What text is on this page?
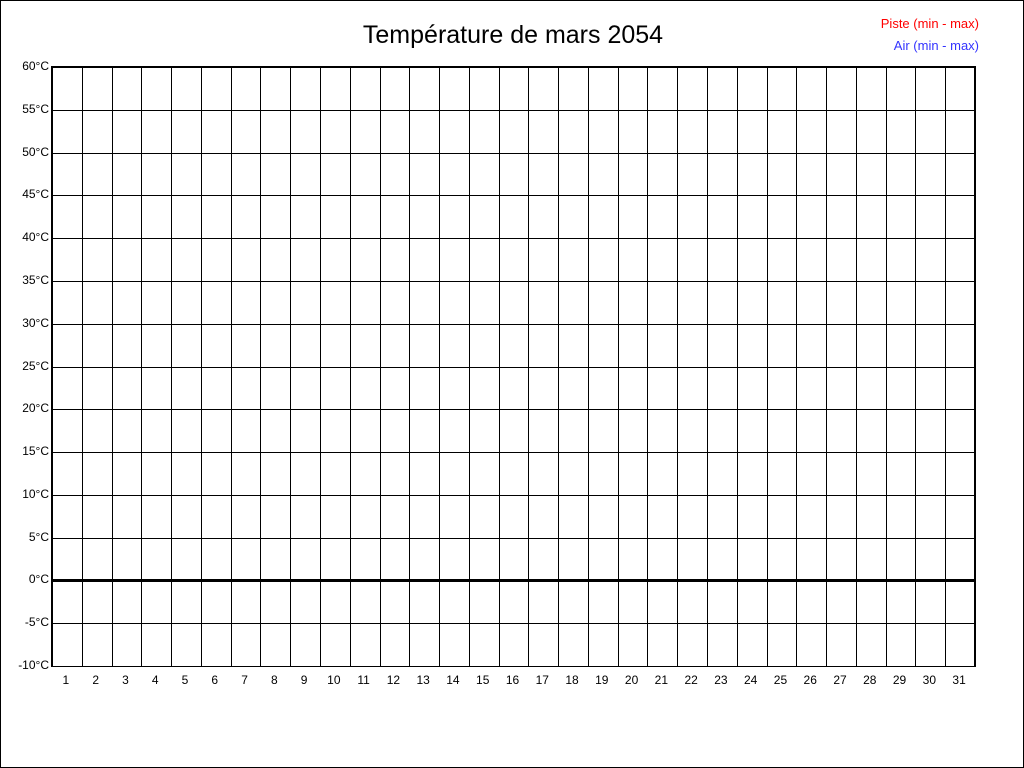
Température de mars 2054	Piste (min - max)
Air (min - max)
60°C
55°C
50°C
45°C
40°C
35°C
30°C
25°C
20°C
15°C
10°C
5°C
0°C
-5°C
-10°C
1 2 3 4 5 6 7 8 9 10 11 12 13 14 15 16 17 18 19 20 21 22 23 24 25 26 27 28 29 30 31
